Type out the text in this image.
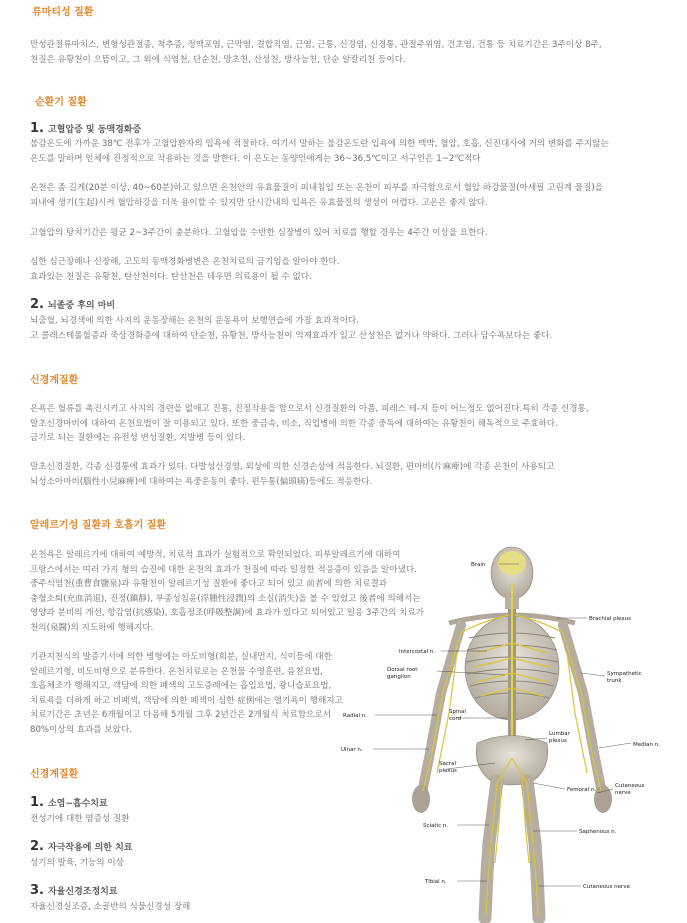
류마티성 질환

만성관절류마치스, 변형성관절증, 척추증, 정맥포염, 근막염, 결합직염, 근염, 근통, 신경염, 신경통, 관절주위염, 건초염, 건통 등 치료기간은 3주이상 8주,

천질은 유황천이 으뜸이고, 그 외에 식염천, 단순천, 망초천, 산성천, 방사능천, 단순 알칼리천 등이다.

순환기 질환
1. 고혈압증 및 동맥경화증

불감온도에 가까운 38℃ 전후가 고혈압환자의 입욕에 적절하다. 여기서 말하는 불감온도란 입욕에 의한 맥박, 혈압, 호흡, 신진대사에 거의 변화를 주지않는

온도를 말하며 인체에 진정적으로 작용하는 것을 말한다. 이 온도는 동양인에게는 36~36.5℃이고 서구인은 1~2℃적다

온천은 좀 길게(20분 이상, 40~60분)하고 있으면 온천안의 유효물질이 피내침입 또는 온천이 피부를 자극함으로서 혈압 하강물질(아세필 고린계 물질)을

피내에 생기(生起)시켜 혈압하강을 더욱 용이할 수 있지만 단시간내의 입욕은 유효물질의 생성이 어렵다. 고온은 좋지 않다.

고혈압의 탕치기간은 평균 2~3주간이 충분하다. 고혈압을 수반한 심장병이 있어 치료를 행할 경우는 4주간 이상을 요한다.

심한 심근장해나 신장해, 고도의 동맥경화병변은 온천치료의 금기임을 알아야 한다.

효과있는 천질은 유황천, 탄산천이다. 탄산천은 데우면 의료용이 될 수 없다.

2. 뇌졸중 후의 마비

뇌출혈, 뇌경색에 의한 사지의 운동장해는 온천의 운동욕이 보행연습에 가장 효과적이다.

고 콜레스테롤혈증과 죽상경화증에 대하여 단순천, 유황천, 방사능천이 억제효과가 있고 산성천은 없거나 약하다. 그러나 담수욕보다는 좋다.

신경계질환

온욕은 혈류를 촉진시키고 사지의 경련을 없애고 진통, 진정작용을 함으로서 신경질환의 아픔, 피레스 테-지 등이 어느정도 없어진다.특히 각종 신경통,

말초신경마비에 대하여 온천요법이 잘 이용되고 있다. 또한 중금속, 비소, 직업병에 의한 각종 중독에 대하여는 유황천이 해독적으로 주효하다.

금기로 되는 질환에는 유전성 변성질환, 지발병 등이 있다.

말초신경질환, 각종 신경통에 효과가 있다. 다발성신경염, 외상에 의한 신경손상에 적응한다. 뇌질환, 편마비(片麻痺)에 각종 온천이 사용되고

뇌성소아마비(腦性小兒麻痺)에 대하여는 욕중운동이 좋다. 편두통(偏頭痛)등에도 적응한다.

알레르기성 질환과 호흡기 질환

온천욕은 알레르기에 대하여 예방적, 치료적 효과가 실험적으로 확인되었다. 피부알레르기에 대하여

프랑스에서는 여러 가지 형의 습진에 대한 온천의 효과가 천질에 따라 일정한 적응증이 있음을 알아냈다.

중주식염천(重曹食鹽泉)과 유황천이 알레르기성 질환에 좋다고 되어 있고 前者에 의한 치료결과

충혈소퇴(充血消退), 진정(鎭靜), 부종성침윤(浮腫性浸潤)의 소실(消失)을 볼 수 있었고 後者에 의해서는

영양과 분비의 개선, 항감염(抗感染), 호흡정조(呼吸整調)에 효과가 있다고 되어있고 일응 3주간의 치료가

천의(泉醫)의 지도하에 행해지다.

기관지천식의 발증기서에 의한 병형에는 아도비형(회분, 실내먼지, 식이등에 대한

알레르기형, 비도비형으로 분류한다. 온천치료로는 온천물 수영훈련, 음천요법,

호흡체조가 행해지고, 객담에 의한 폐색의 고도증례에는 흡입요법, 광니습포요법,

치료욕을 더하게 하고 비폐색, 객담에 의한 폐색이 심한 症例에는 열기욕이 행해지고

치료기간은 초년은 6개월이고 다음해 5개월 그후 2년간은 2개월식 치료함으로서

80%이상의 효과를 보았다.

신경계질환
1. 소염~흡수치료
전성기에 대한 염증성 질환
2. 자극작용에 의한 치료
성기의 발육, 기능의 이상
3. 자율신경조정치료
자율신경실조증, 소골반의 식물신경성 장해
Brain
Brachial plexus
Intercostal n.
Dorsal root
ganglion	Sympathetic
trunk
Radial n.
Spinal
cord
Median n.
Ulnar n.
Lumbar
plexus
Sacral
plexus
Femoral n.
Cutaneous
nerve
Sciatic n.
Saphenous n.
Tibial n.
Cutaneous nerve
